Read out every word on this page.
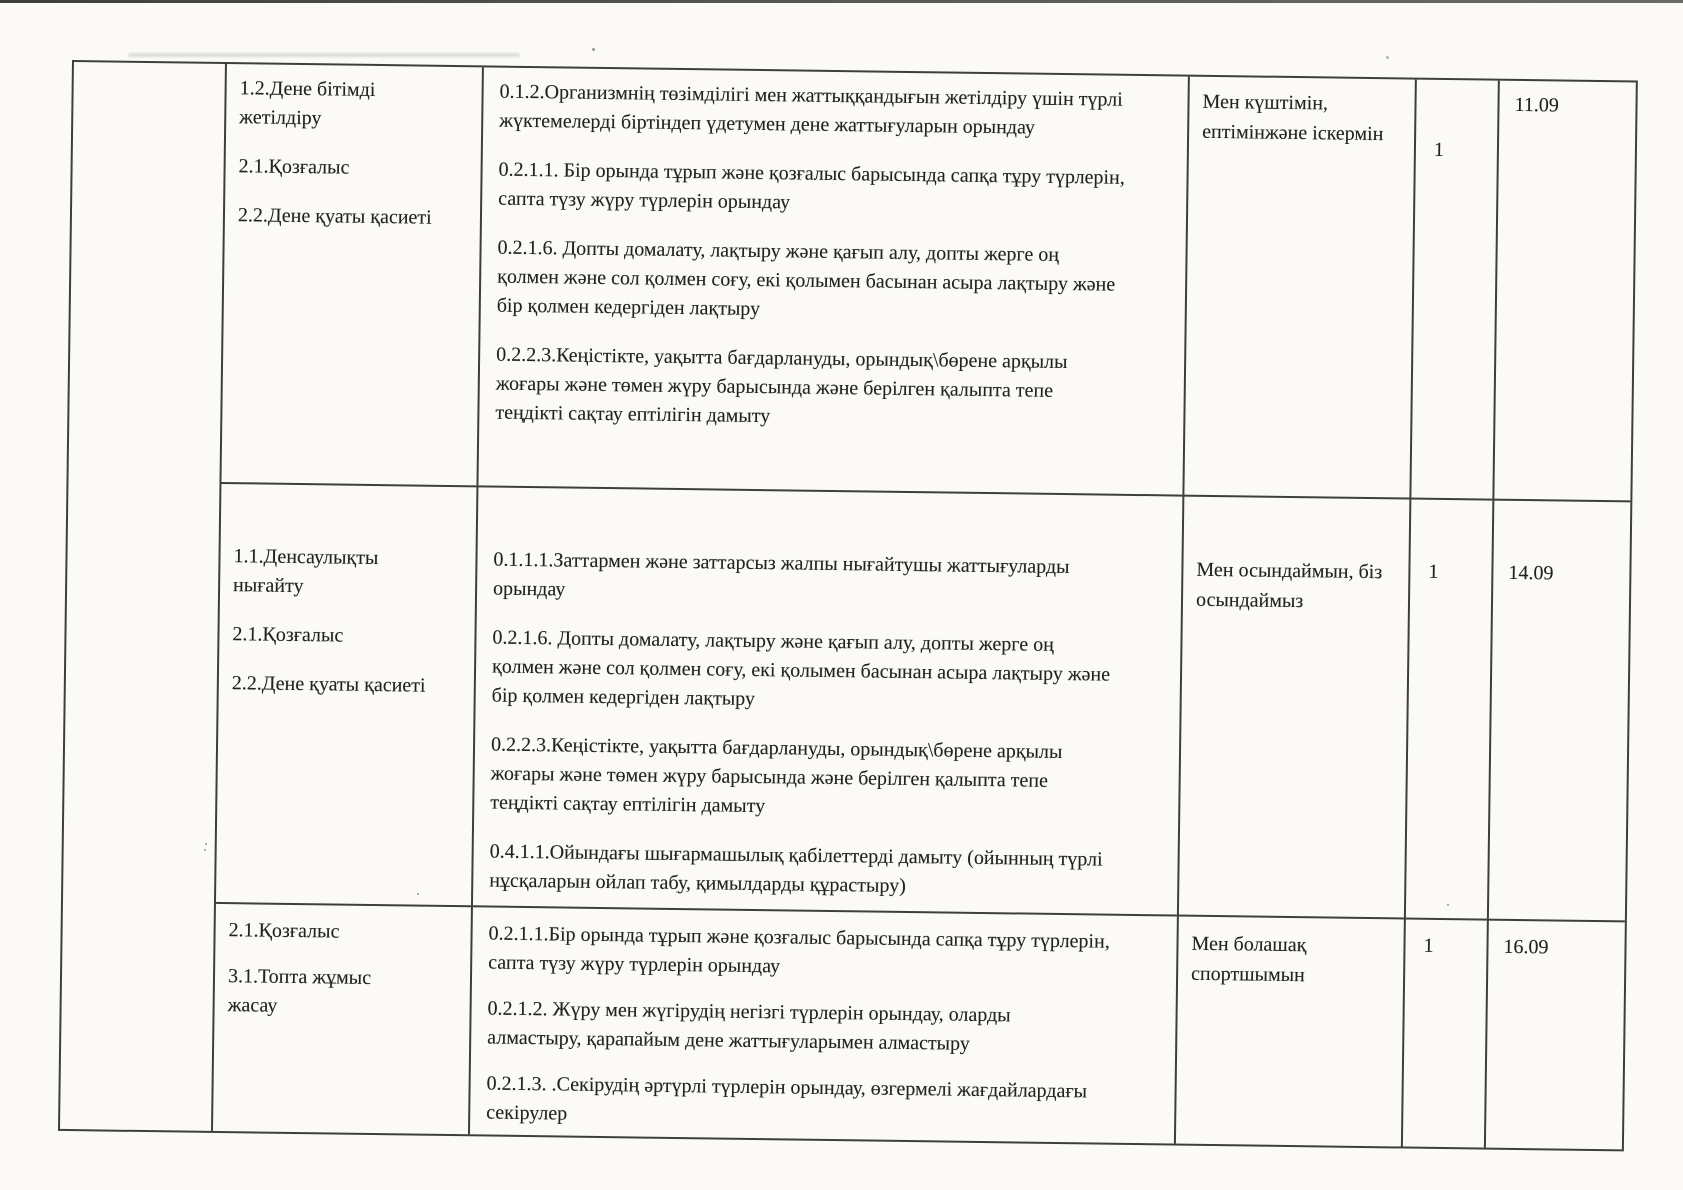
1.2.Дене бітімді
жетілдіру

2.1.Қозғалыс

2.2.Дене қуаты қасиеті

0.1.2.Организмнің төзімділігі мен жаттыққандығын жетілдіру үшін түрлі
жүктемелерді біртіндеп үдетумен дене жаттығуларын орындау

0.2.1.1. Бір орында тұрып және қозғалыс барысында сапқа тұру түрлерін,
сапта түзу жүру түрлерін орындау

0.2.1.6. Допты домалату, лақтыру және қағып алу, допты жерге оң
қолмен және сол қолмен соғу, екі қолымен басынан асыра лақтыру және
бір қолмен кедергіден лақтыру

0.2.2.3.Кеңістікте, уақытта бағдарлануды, орындық\бөрене арқылы
жоғары және төмен жүру барысында және берілген қалыпта тепе
теңдікті сақтау ептілігін дамыту

Мен күштімін,
ептімінжәне іскермін
1
11.09

1.1.Денсаулықты
нығайту

2.1.Қозғалыс

2.2.Дене қуаты қасиеті

0.1.1.1.Заттармен және заттарсыз жалпы нығайтушы жаттығуларды
орындау

0.2.1.6. Допты домалату, лақтыру және қағып алу, допты жерге оң
қолмен және сол қолмен соғу, екі қолымен басынан асыра лақтыру және
бір қолмен кедергіден лақтыру

0.2.2.3.Кеңістікте, уақытта бағдарлануды, орындық\бөрене арқылы
жоғары және төмен жүру барысында және берілген қалыпта тепе
теңдікті сақтау ептілігін дамыту

0.4.1.1.Ойындағы шығармашылық қабілеттерді дамыту (ойынның түрлі
нұсқаларын ойлап табу, қимылдарды құрастыру)

Мен осындаймын, біз
осындаймыз
1	14.09

2.1.Қозғалыс

3.1.Топта жұмыс
жасау

0.2.1.1.Бір орында тұрып және қозғалыс барысында сапқа тұру түрлерін,
сапта түзу жүру түрлерін орындау

0.2.1.2. Жүру мен жүгірудің негізгі түрлерін орындау, оларды
алмастыру, қарапайым дене жаттығуларымен алмастыру

0.2.1.3. .Секірудің әртүрлі түрлерін орындау, өзгермелі жағдайлардағы
секірулер

Мен болашақ
спортшымын
1	16.09
